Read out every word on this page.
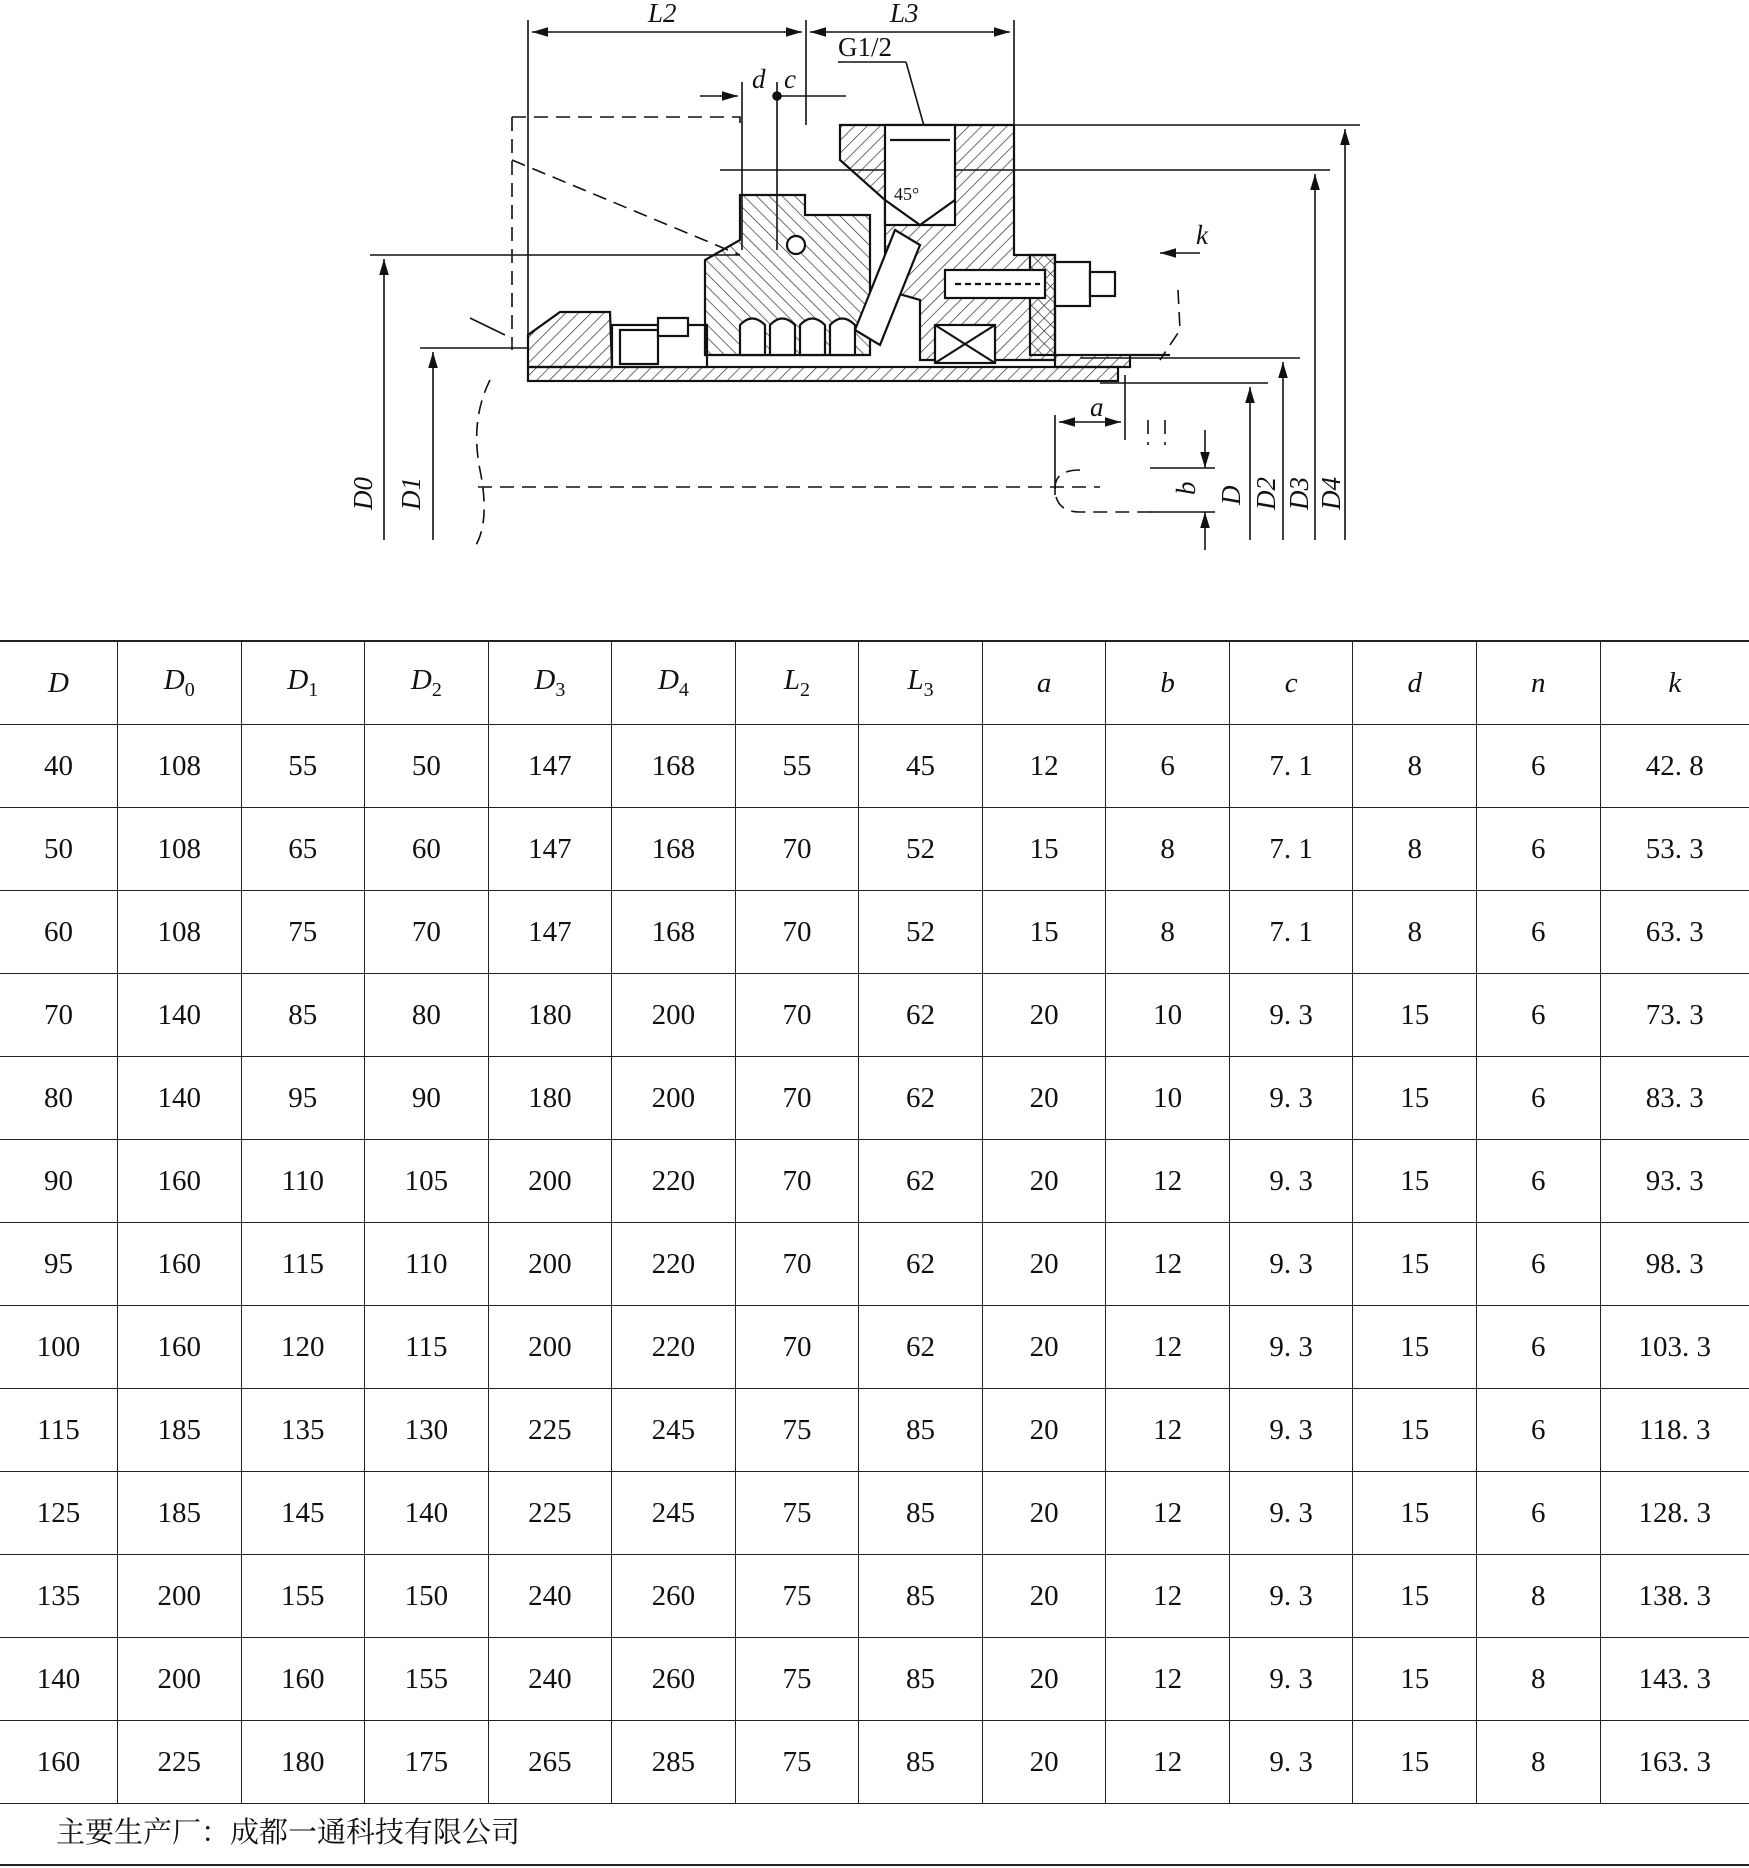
L2	L3
G1/2
d c
45°
k
a
b D D2 D3 D4
D0 D1
D	$D_0$	$D_1$	$D_2$	$D_3$	$D_4$	$L_2$	$L_3$	a	b	c	d	n	k
40	108	55	50	147	168	55	45	12	6	7. 1	8	6	42. 8
50	108	65	60	147	168	70	52	15	8	7. 1	8	6	53. 3
60	108	75	70	147	168	70	52	15	8	7. 1	8	6	63. 3
70	140	85	80	180	200	70	62	20	10	9. 3	15	6	73. 3
80	140	95	90	180	200	70	62	20	10	9. 3	15	6	83. 3
90	160	110	105	200	220	70	62	20	12	9. 3	15	6	93. 3
95	160	115	110	200	220	70	62	20	12	9. 3	15	6	98. 3
100	160	120	115	200	220	70	62	20	12	9. 3	15	6	103. 3
115	185	135	130	225	245	75	85	20	12	9. 3	15	6	118. 3
125	185	145	140	225	245	75	85	20	12	9. 3	15	6	128. 3
135	200	155	150	240	260	75	85	20	12	9. 3	15	8	138. 3
140	200	160	155	240	260	75	85	20	12	9. 3	15	8	143. 3
160	225	180	175	265	285	75	85	20	12	9. 3	15	8	163. 3
主要生产厂：成都一通科技有限公司
